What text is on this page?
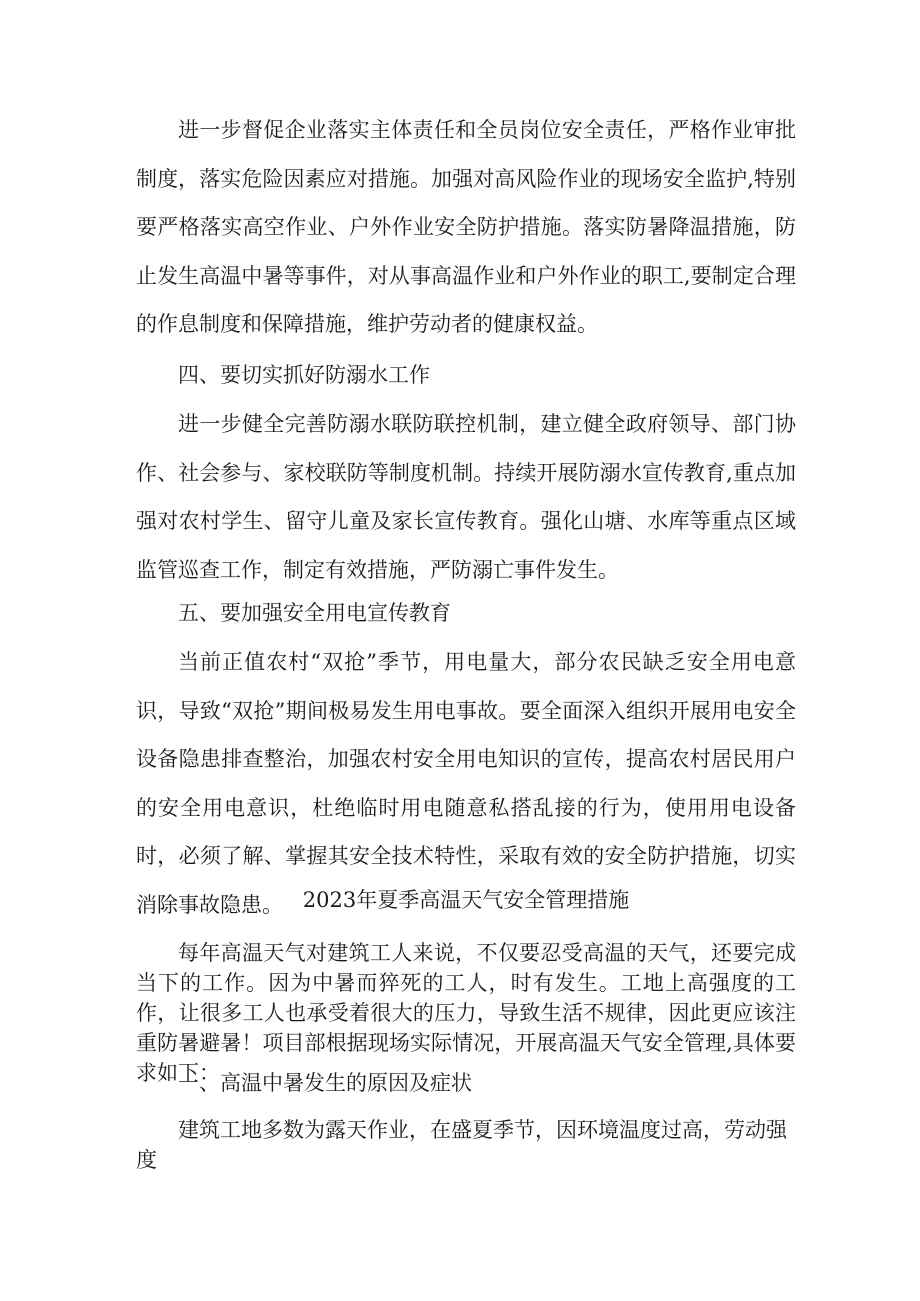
进一步督促企业落实主体责任和全员岗位安全责任，严格作业审批制度，落实危险因素应对措施。加强对高风险作业的现场安全监护,特别要严格落实高空作业、户外作业安全防护措施。落实防暑降温措施，防止发生高温中暑等事件，对从事高温作业和户外作业的职工,要制定合理的作息制度和保障措施，维护劳动者的健康权益。

四、要切实抓好防溺水工作

进一步健全完善防溺水联防联控机制，建立健全政府领导、部门协作、社会参与、家校联防等制度机制。持续开展防溺水宣传教育,重点加强对农村学生、留守儿童及家长宣传教育。强化山塘、水库等重点区域监管巡查工作，制定有效措施，严防溺亡事件发生。

五、要加强安全用电宣传教育

当前正值农村“双抢”季节，用电量大，部分农民缺乏安全用电意识，导致“双抢”期间极易发生用电事故。要全面深入组织开展用电安全设备隐患排查整治，加强农村安全用电知识的宣传，提高农村居民用户的安全用电意识，杜绝临时用电随意私搭乱接的行为，使用用电设备时，必须了解、掌握其安全技术特性，采取有效的安全防护措施，切实消除事故隐患。 2023年夏季高温天气安全管理措施

每年高温天气对建筑工人来说，不仅要忍受高温的天气，还要完成当下的工作。因为中暑而猝死的工人，时有发生。工地上高强度的工作，让很多工人也承受着很大的压力，导致生活不规律，因此更应该注重防暑避暑！项目部根据现场实际情况，开展高温天气安全管理,具体要求如下：

一、高温中暑发生的原因及症状

建筑工地多数为露天作业，在盛夏季节，因环境温度过高，劳动强度
